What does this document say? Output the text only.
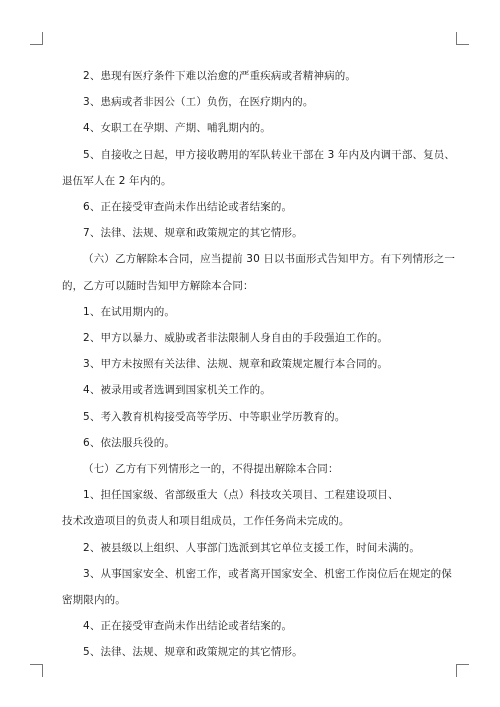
2、患现有医疗条件下难以治愈的严重疾病或者精神病的。
3、患病或者非因公（工）负伤，在医疗期内的。
4、女职工在孕期、产期、哺乳期内的。
5、自接收之日起，甲方接收聘用的军队转业干部在 3 年内及内调干部、复员、
退伍军人在 2 年内的。
6、正在接受审查尚未作出结论或者结案的。
7、法律、法规、规章和政策规定的其它情形。
（六）乙方解除本合同，应当提前 30 日以书面形式告知甲方。有下列情形之一
的，乙方可以随时告知甲方解除本合同：
1、在试用期内的。
2、甲方以暴力、威胁或者非法限制人身自由的手段强迫工作的。
3、甲方未按照有关法律、法规、规章和政策规定履行本合同的。
4、被录用或者选调到国家机关工作的。
5、考入教育机构接受高等学历、中等职业学历教育的。
6、依法服兵役的。
（七）乙方有下列情形之一的，不得提出解除本合同：
1、担任国家级、省部级重大（点）科技攻关项目、工程建设项目、
技术改造项目的负责人和项目组成员，工作任务尚未完成的。
2、被县级以上组织、人事部门选派到其它单位支援工作，时间未满的。
3、从事国家安全、机密工作，或者离开国家安全、机密工作岗位后在规定的保
密期限内的。
4、正在接受审查尚未作出结论或者结案的。
5、法律、法规、规章和政策规定的其它情形。
